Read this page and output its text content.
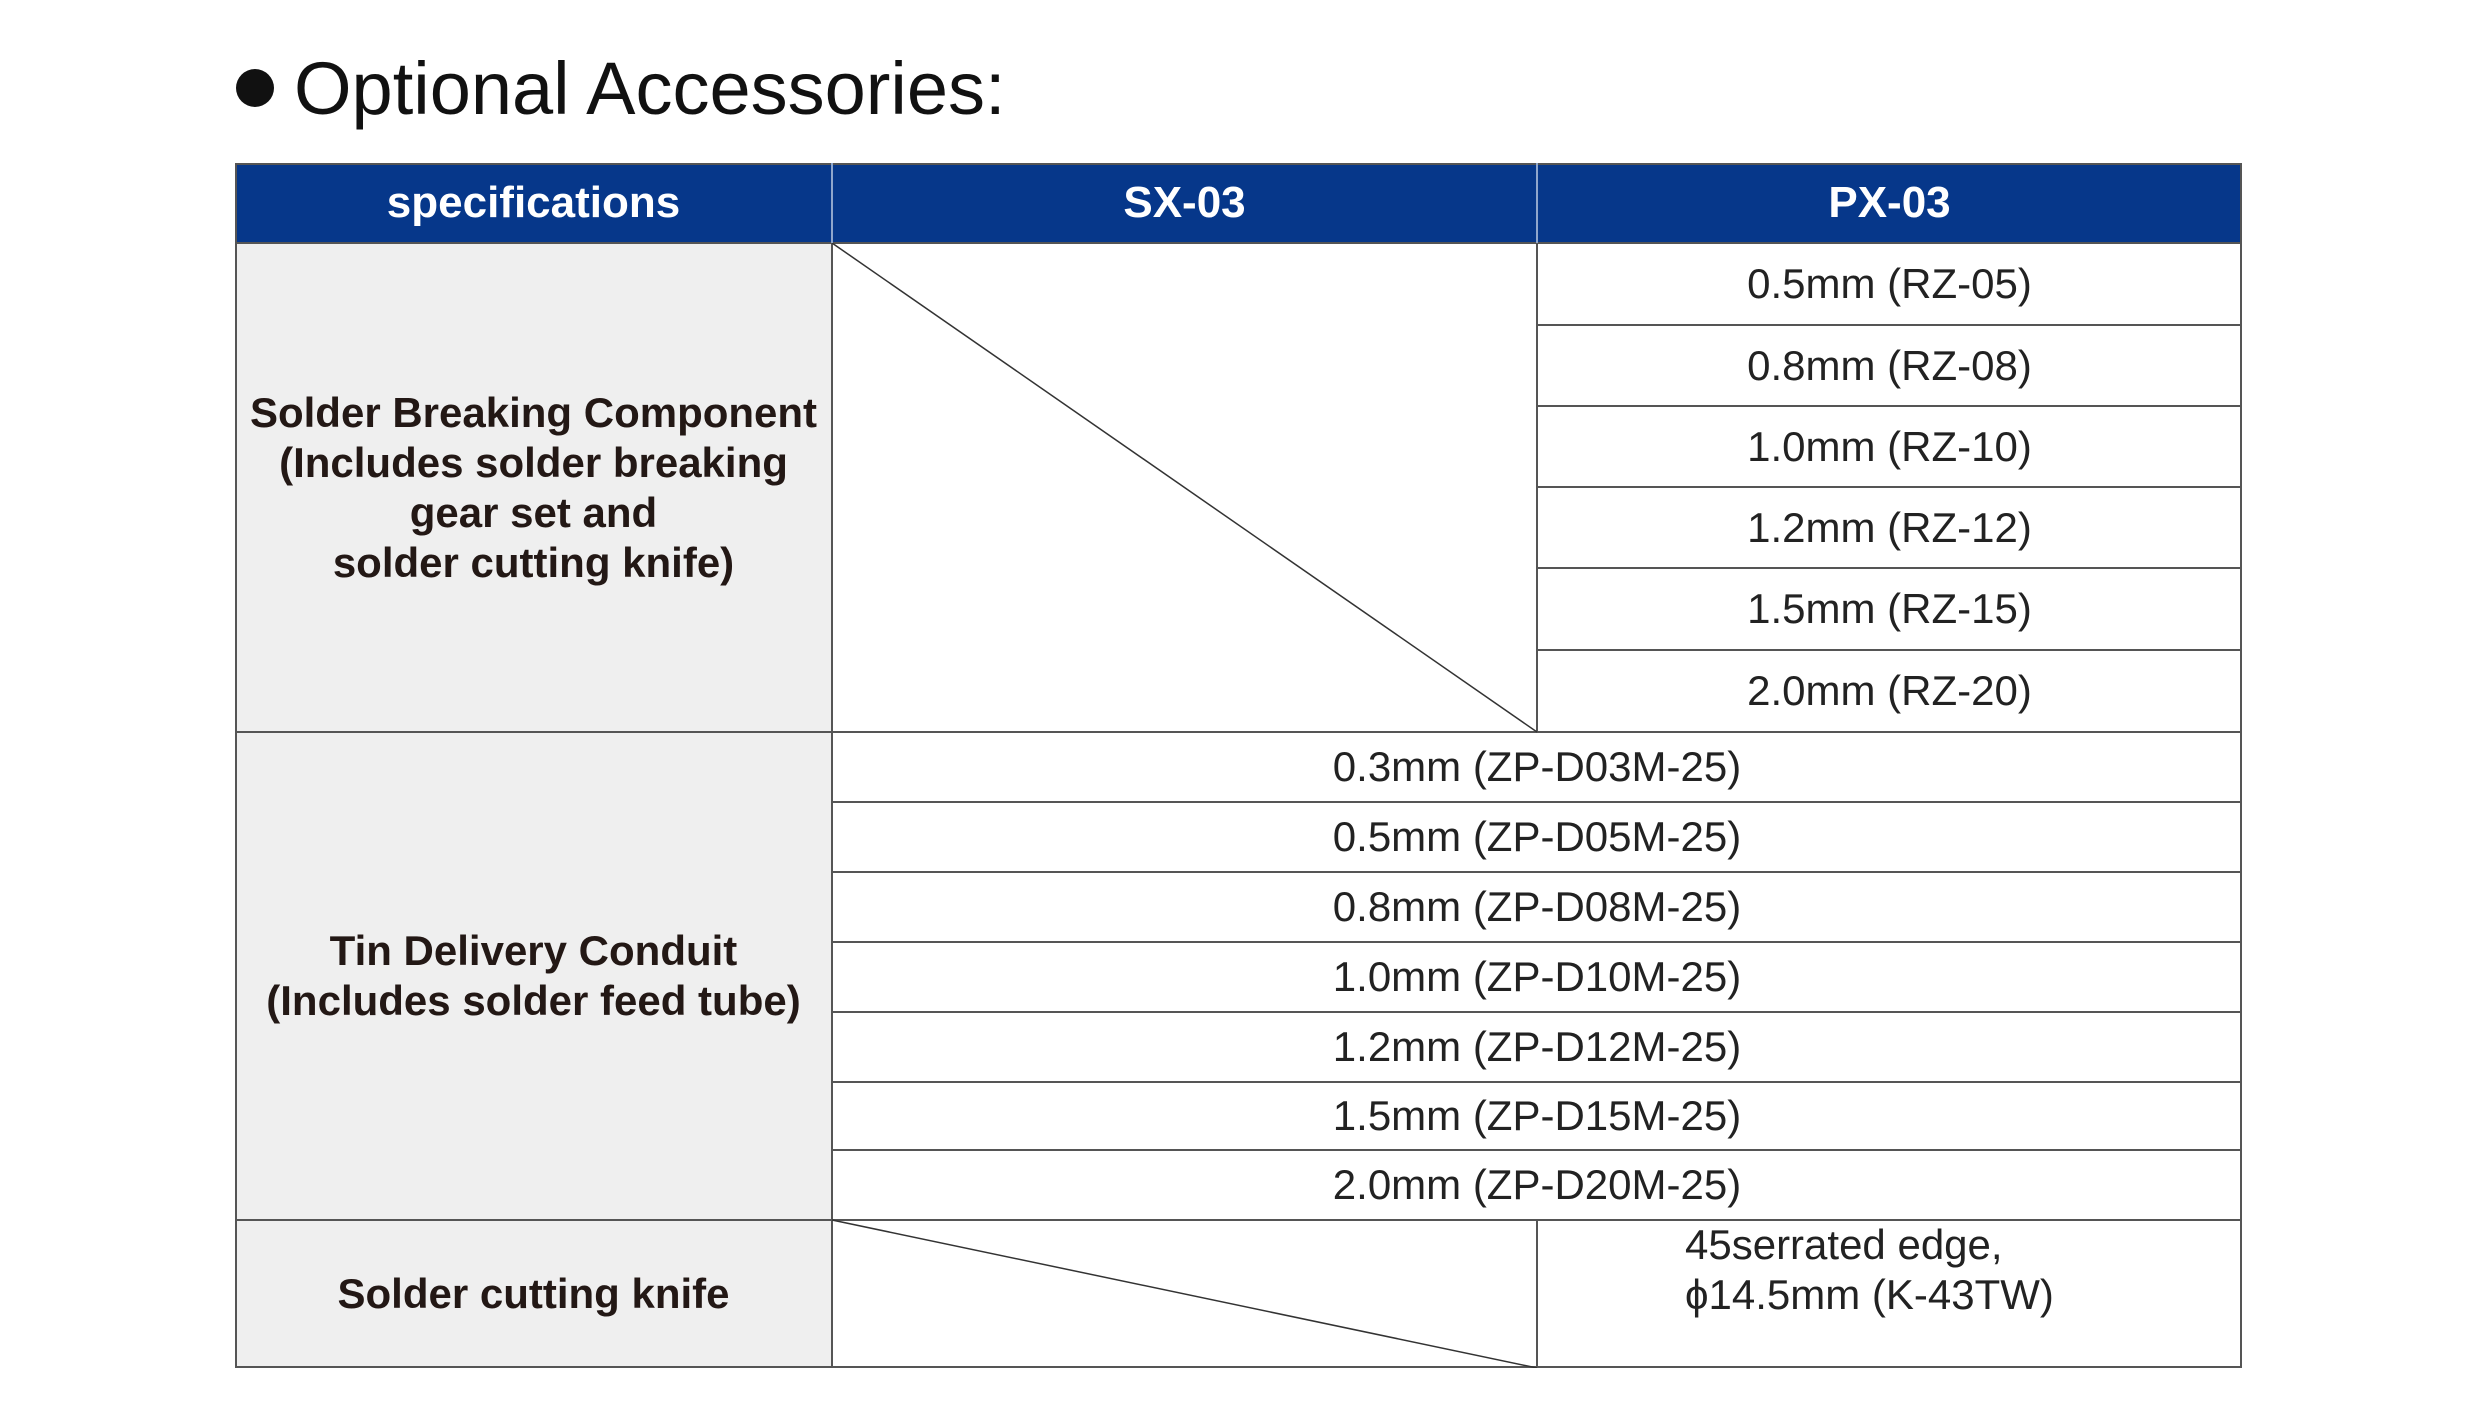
Optional Accessories:
specifications	SX-03	PX-03
Solder Breaking Component
(Includes solder breaking
gear set and
solder cutting knife)
0.5mm (RZ-05)
0.8mm (RZ-08)
1.0mm (RZ-10)
1.2mm (RZ-12)
1.5mm (RZ-15)
2.0mm (RZ-20)
Tin Delivery Conduit
(Includes solder feed tube)
0.3mm (ZP-D03M-25)
0.5mm (ZP-D05M-25)
0.8mm (ZP-D08M-25)
1.0mm (ZP-D10M-25)
1.2mm (ZP-D12M-25)
1.5mm (ZP-D15M-25)
2.0mm (ZP-D20M-25)
Solder cutting knife
45serrated edge,
ϕ14.5mm (K-43TW)
